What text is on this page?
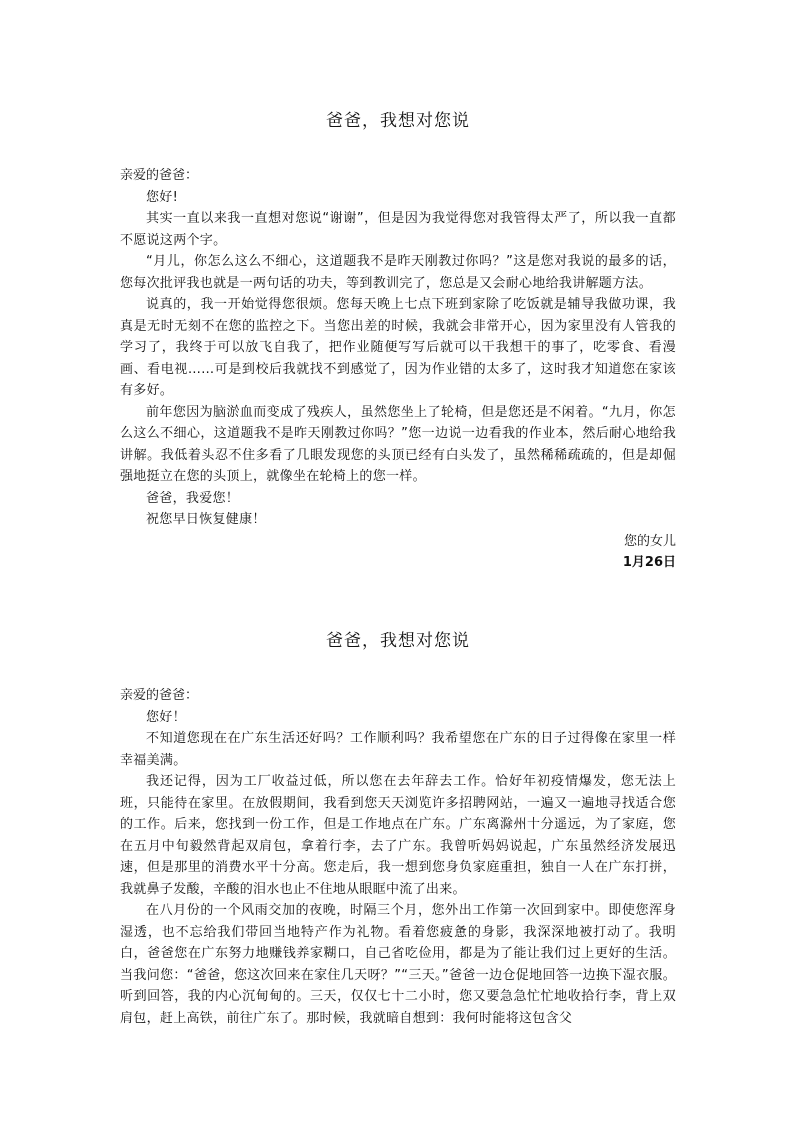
爸爸，我想对您说

亲爱的爸爸：

您好!

其实一直以来我一直想对您说“谢谢”，但是因为我觉得您对我管得太严了，所以我一直都不愿说这两个字。

“月儿，你怎么这么不细心，这道题我不是昨天刚教过你吗？”这是您对我说的最多的话，您每次批评我也就是一两句话的功夫，等到教训完了，您总是又会耐心地给我讲解题方法。

说真的，我一开始觉得您很烦。您每天晚上七点下班到家除了吃饭就是辅导我做功课，我真是无时无刻不在您的监控之下。当您出差的时候，我就会非常开心，因为家里没有人管我的学习了，我终于可以放飞自我了，把作业随便写写后就可以干我想干的事了，吃零食、看漫画、看电视……可是到校后我就找不到感觉了，因为作业错的太多了，这时我才知道您在家该有多好。

前年您因为脑淤血而变成了残疾人，虽然您坐上了轮椅，但是您还是不闲着。“九月，你怎么这么不细心，这道题我不是昨天刚教过你吗？”您一边说一边看我的作业本，然后耐心地给我讲解。我低着头忍不住多看了几眼发现您的头顶已经有白头发了，虽然稀稀疏疏的，但是却倔强地挺立在您的头顶上，就像坐在轮椅上的您一样。

爸爸，我爱您！

祝您早日恢复健康！

您的女儿

1月26日

爸爸，我想对您说

亲爱的爸爸：

您好！

不知道您现在在广东生活还好吗？工作顺利吗？我希望您在广东的日子过得像在家里一样幸福美满。

我还记得，因为工厂收益过低，所以您在去年辞去工作。恰好年初疫情爆发，您无法上班，只能待在家里。在放假期间，我看到您天天浏览许多招聘网站，一遍又一遍地寻找适合您的工作。后来，您找到一份工作，但是工作地点在广东。广东离滁州十分遥远，为了家庭，您在五月中旬毅然背起双肩包，拿着行李，去了广东。我曾听妈妈说起，广东虽然经济发展迅速，但是那里的消费水平十分高。您走后，我一想到您身负家庭重担，独自一人在广东打拼，我就鼻子发酸，辛酸的泪水也止不住地从眼眶中流了出来。

在八月份的一个风雨交加的夜晚，时隔三个月，您外出工作第一次回到家中。即使您浑身湿透，也不忘给我们带回当地特产作为礼物。看着您疲惫的身影，我深深地被打动了。我明白，爸爸您在广东努力地赚钱养家糊口，自己省吃俭用，都是为了能让我们过上更好的生活。当我问您：“爸爸，您这次回来在家住几天呀？”“三天。”爸爸一边仓促地回答一边换下湿衣服。听到回答，我的内心沉甸甸的。三天，仅仅七十二小时，您又要急急忙忙地收拾行李，背上双肩包，赶上高铁，前往广东了。那时候，我就暗自想到：我何时能将这包含父
